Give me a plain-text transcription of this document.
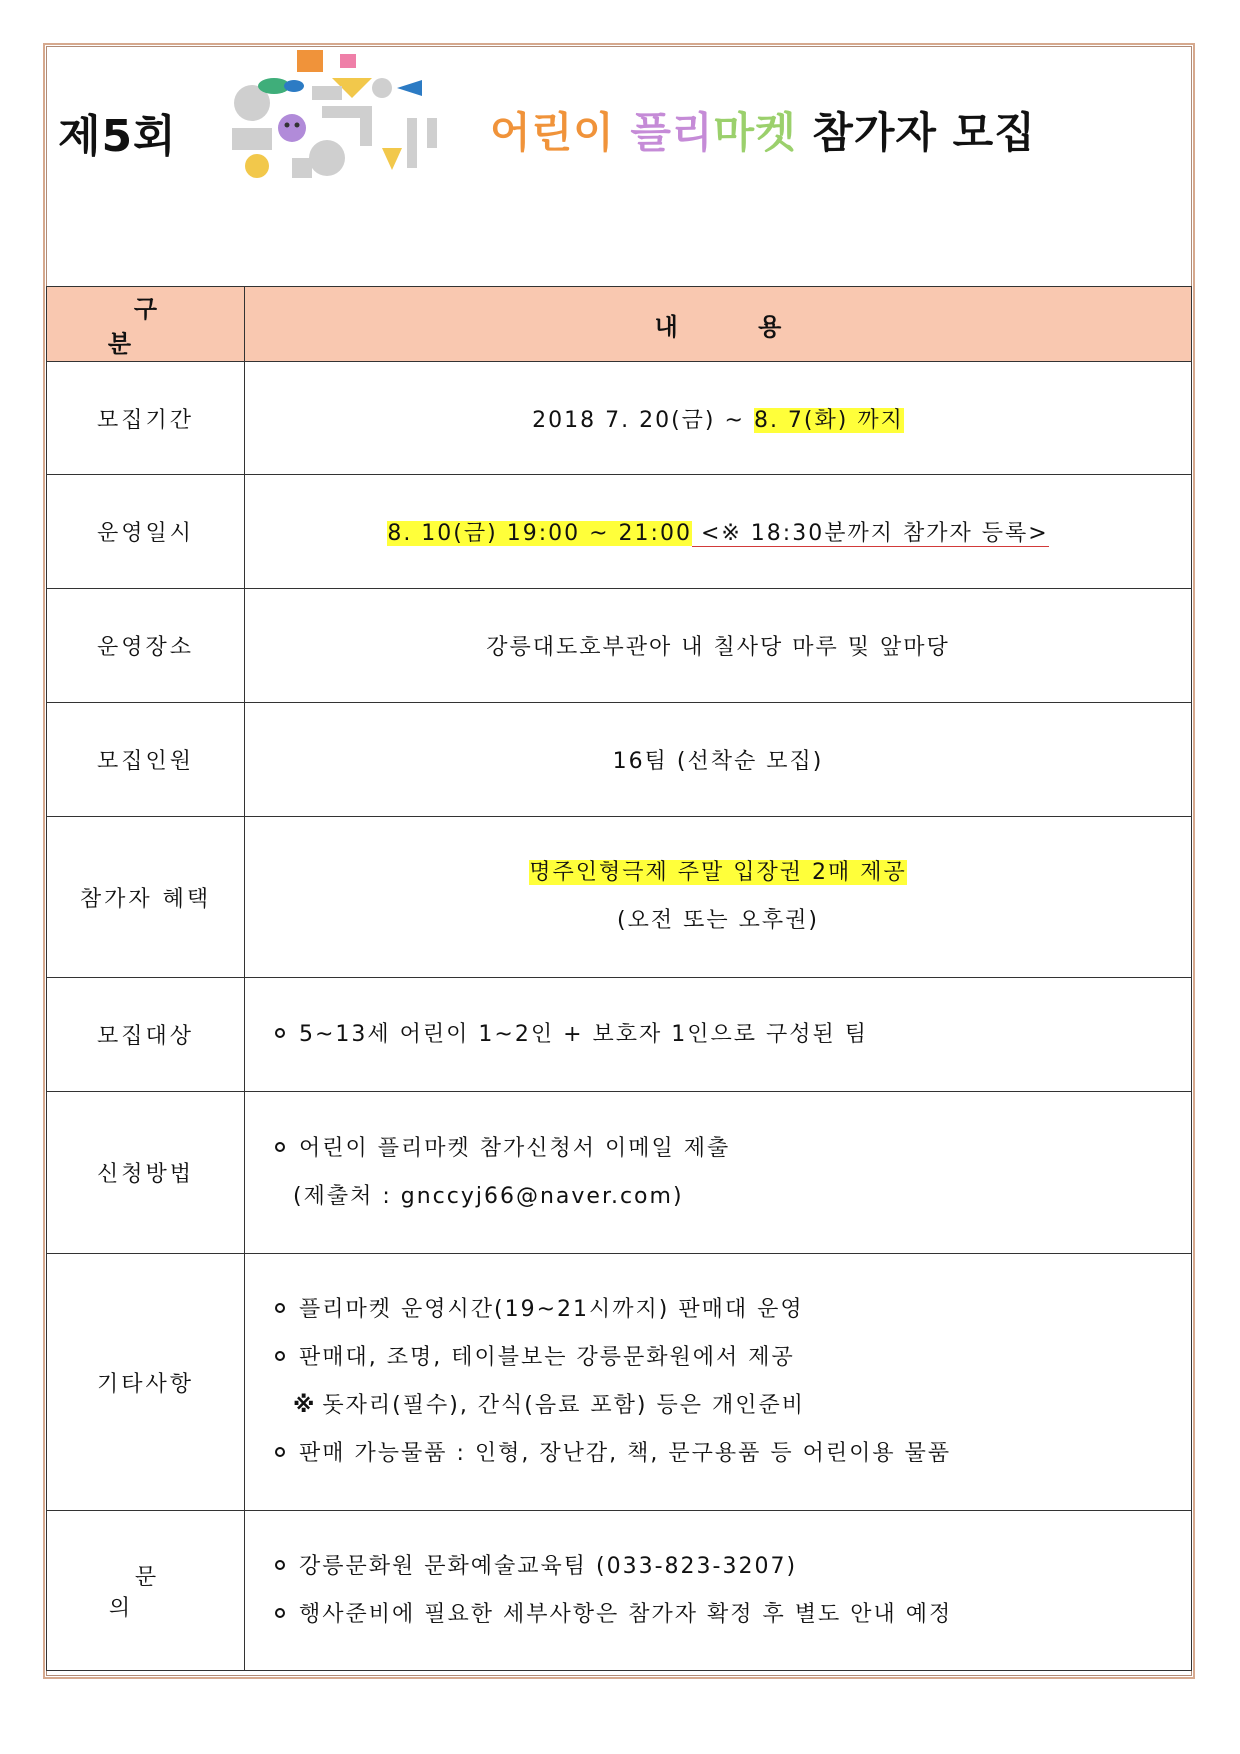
제5회	어린이 플리마켓 참가자 모집
구 분	내 용
모집기간	2018 7. 20(금) ~ 8. 7(화) 까지
운영일시	8. 10(금) 19:00 ~ 21:00 <※ 18:30분까지 참가자 등록>
운영장소	강릉대도호부관아 내 칠사당 마루 및 앞마당
모집인원	16팀 (선착순 모집)
참가자 혜택	명주인형극제 주말 입장권 2매 제공
(오전 또는 오후권)

모집대상	5~13세 어린이 1~2인 + 보호자 1인으로 구성된 팀

신청방법	어린이 플리마켓 참가신청서 이메일 제출
(제출처 : gnccyj66@naver.com)

기타사항	플리마켓 운영시간(19~21시까지) 판매대 운영
판매대, 조명, 테이블보는 강릉문화원에서 제공
※ 돗자리(필수), 간식(음료 포함) 등은 개인준비
판매 가능물품 : 인형, 장난감, 책, 문구용품 등 어린이용 물품

문 의	강릉문화원 문화예술교육팀 (033-823-3207)
행사준비에 필요한 세부사항은 참가자 확정 후 별도 안내 예정
